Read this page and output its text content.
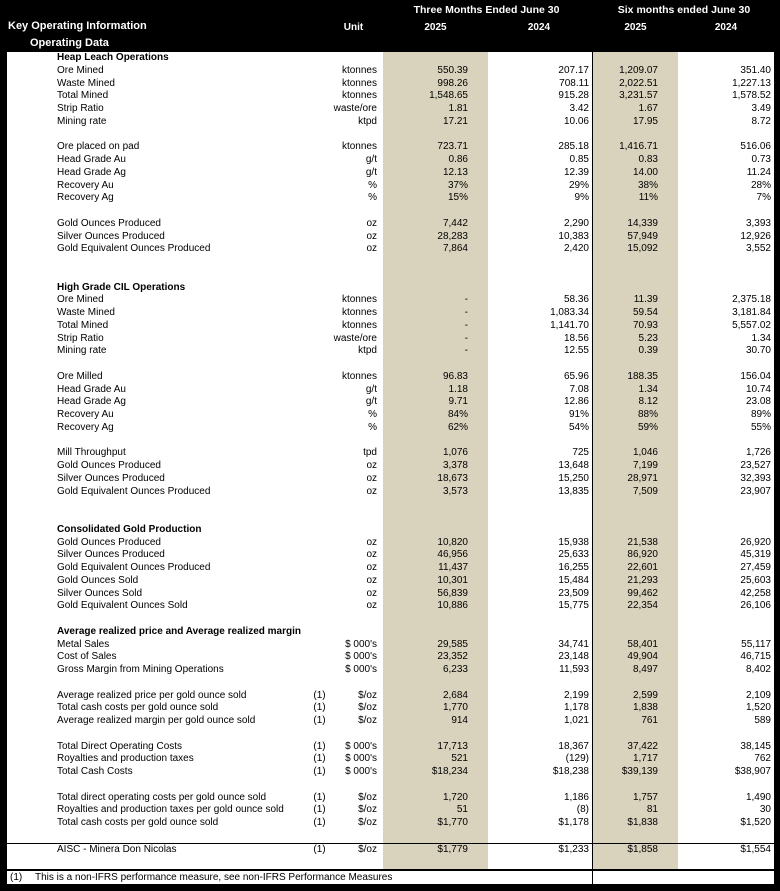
Three Months Ended June 30	Six months ended June 30
Key Operating Information	Unit	2025	2024	2025	2024
Operating Data
Heap Leach Operations
Ore Mined	ktonnes	550.39	207.17	1,209.07	351.40
Waste Mined	ktonnes	998.26	708.11	2,022.51	1,227.13
Total Mined	ktonnes	1,548.65	915.28	3,231.57	1,578.52
Strip Ratio	waste/ore	1.81	3.42	1.67	3.49
Mining rate	ktpd	17.21	10.06	17.95	8.72
Ore placed on pad	ktonnes	723.71	285.18	1,416.71	516.06
Head Grade Au	g/t	0.86	0.85	0.83	0.73
Head Grade Ag	g/t	12.13	12.39	14.00	11.24
Recovery Au	%	37%	29%	38%	28%
Recovery Ag	%	15%	9%	11%	7%
Gold Ounces Produced	oz	7,442	2,290	14,339	3,393
Silver Ounces Produced	oz	28,283	10,383	57,949	12,926
Gold Equivalent Ounces Produced	oz	7,864	2,420	15,092	3,552
High Grade CIL Operations
Ore Mined	ktonnes	-	58.36	11.39	2,375.18
Waste Mined	ktonnes	-	1,083.34	59.54	3,181.84
Total Mined	ktonnes	-	1,141.70	70.93	5,557.02
Strip Ratio	waste/ore	-	18.56	5.23	1.34
Mining rate	ktpd	-	12.55	0.39	30.70
Ore Milled	ktonnes	96.83	65.96	188.35	156.04
Head Grade Au	g/t	1.18	7.08	1.34	10.74
Head Grade Ag	g/t	9.71	12.86	8.12	23.08
Recovery Au	%	84%	91%	88%	89%
Recovery Ag	%	62%	54%	59%	55%
Mill Throughput	tpd	1,076	725	1,046	1,726
Gold Ounces Produced	oz	3,378	13,648	7,199	23,527
Silver Ounces Produced	oz	18,673	15,250	28,971	32,393
Gold Equivalent Ounces Produced	oz	3,573	13,835	7,509	23,907
Consolidated Gold Production
Gold Ounces Produced	oz	10,820	15,938	21,538	26,920
Silver Ounces Produced	oz	46,956	25,633	86,920	45,319
Gold Equivalent Ounces Produced	oz	11,437	16,255	22,601	27,459
Gold Ounces Sold	oz	10,301	15,484	21,293	25,603
Silver Ounces Sold	oz	56,839	23,509	99,462	42,258
Gold Equivalent Ounces Sold	oz	10,886	15,775	22,354	26,106
Average realized price and Average realized margin
Metal Sales	$ 000's	29,585	34,741	58,401	55,117
Cost of Sales	$ 000's	23,352	23,148	49,904	46,715
Gross Margin from Mining Operations	$ 000's	6,233	11,593	8,497	8,402
Average realized price per gold ounce sold	(1)	$/oz	2,684	2,199	2,599	2,109
Total cash costs per gold ounce sold	(1)	$/oz	1,770	1,178	1,838	1,520
Average realized margin per gold ounce sold	(1)	$/oz	914	1,021	761	589
Total Direct Operating Costs	(1)	$ 000's	17,713	18,367	37,422	38,145
Royalties and production taxes	(1)	$ 000's	521	(129)	1,717	762
Total Cash Costs	(1)	$ 000's	$18,234	$18,238	$39,139	$38,907
Total direct operating costs per gold ounce sold	(1)	$/oz	1,720	1,186	1,757	1,490
Royalties and production taxes per gold ounce sold	(1)	$/oz	51	(8)	81	30
Total cash costs per gold ounce sold	(1)	$/oz	$1,770	$1,178	$1,838	$1,520
AISC - Minera Don Nicolas	(1)	$/oz	$1,779	$1,233	$1,858	$1,554
(1) This is a non-IFRS performance measure, see non-IFRS Performance Measures
